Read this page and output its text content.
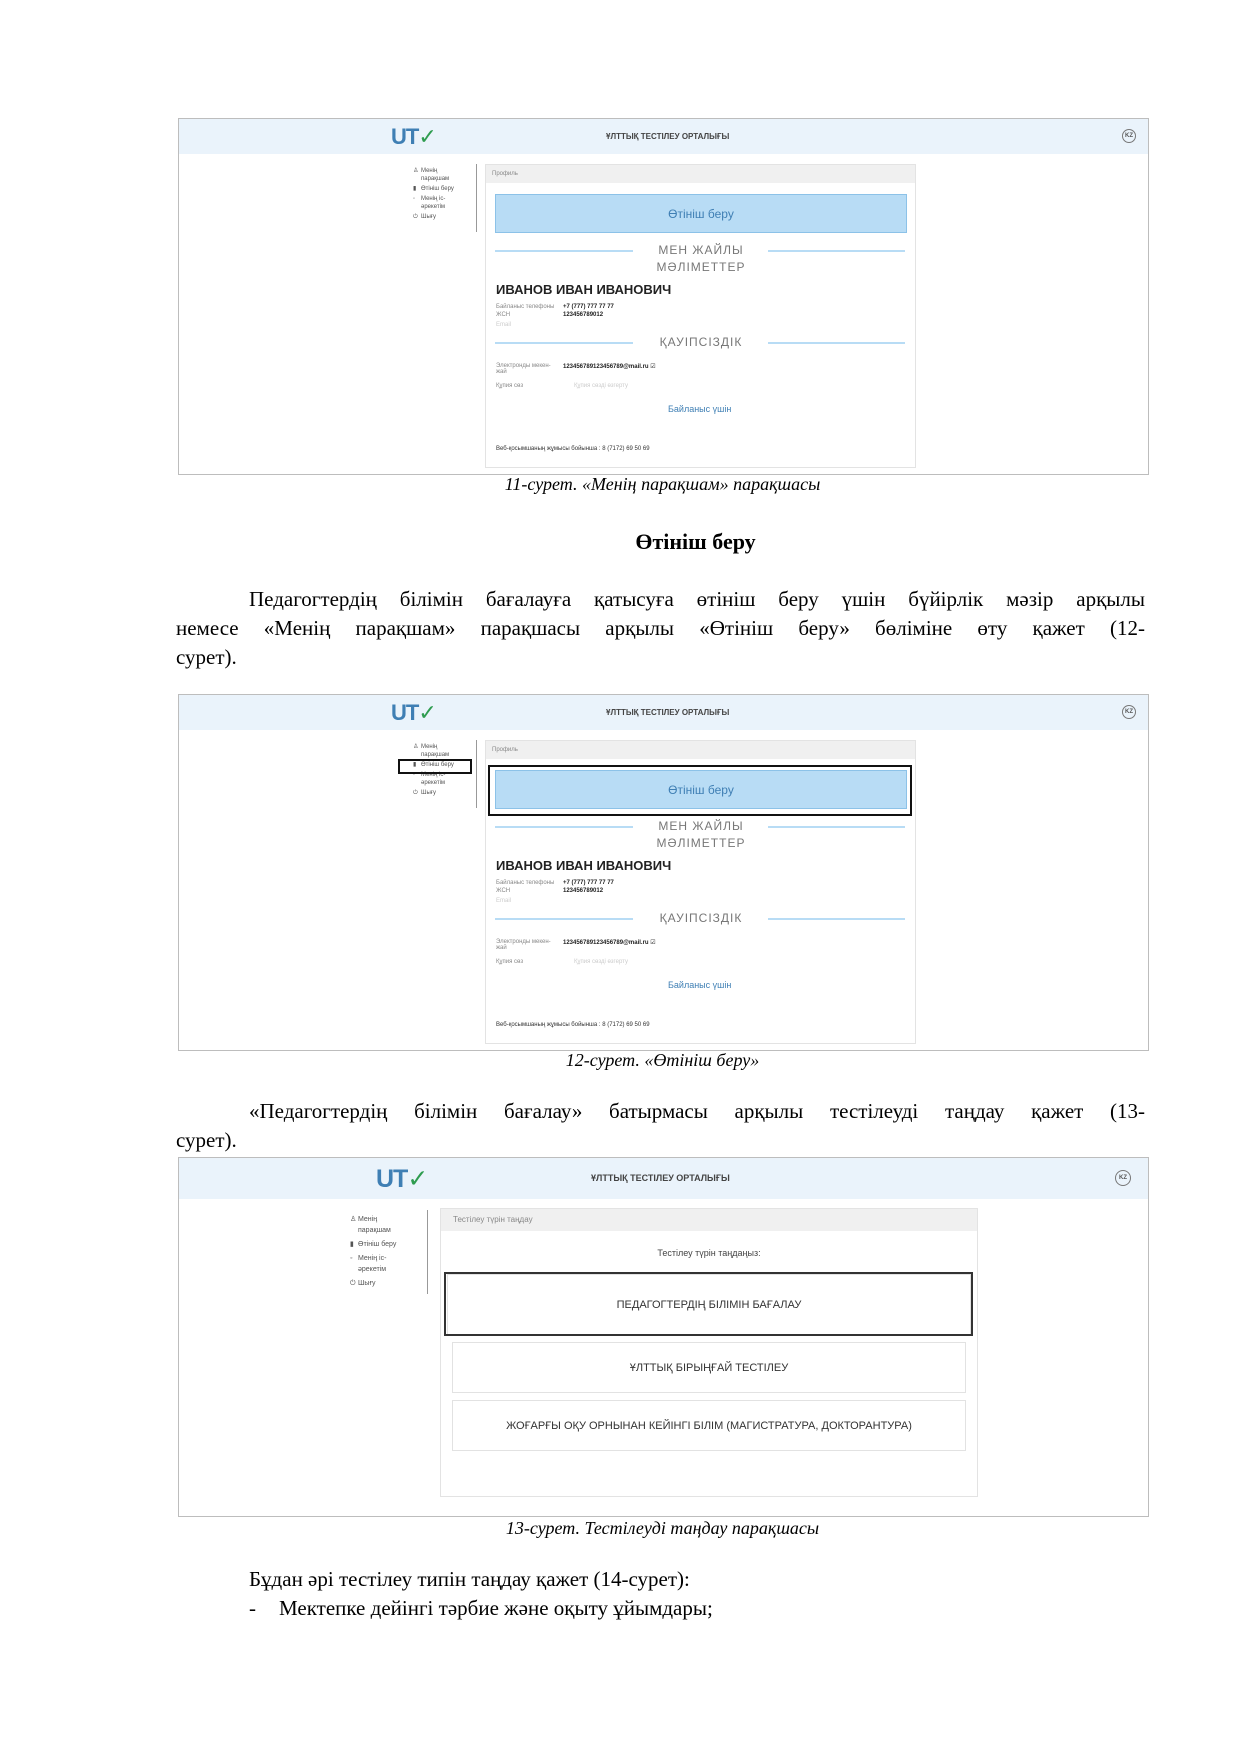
UT✓	ҰЛТТЫҚ ТЕСТІЛЕУ ОРТАЛЫҒЫ	KZ
♙ Менің
парақшам
▮ Өтініш беру
◦ Менің іс-
әрекетім
⏻ Шығу
Профиль
Өтініш беру
МЕН ЖАЙЛЫ
МӘЛІМЕТТЕР
ИВАНОВ ИВАН ИВАНОВИЧ
Байланыс телефоны +7 (777) 777 77 77
ЖСН	123456789012
Email
ҚАУІПСІЗДІК
Электронды мекен-
жай
123456789123456789@mail.ru ☑
Құпия сөз	Құпия сөзді өзгерту
Байланыс үшін
Веб-қосымшаның жұмысы бойынша : 8 (7172) 69 50 69
11-сурет. «Менің парақшам» парақшасы
Өтініш беру
Педагогтердің білімін бағалауға қатысуға өтініш беру үшін бүйірлік мәзір арқылы
немесе «Менің парақшам» парақшасы арқылы «Өтініш беру» бөліміне өту қажет (12-
сурет).
UT✓	ҰЛТТЫҚ ТЕСТІЛЕУ ОРТАЛЫҒЫ	KZ
♙ Менің
парақшам
▮ Өтініш беру
◦ Менің іс-
әрекетім
⏻ Шығу
Профиль
Өтініш беру
МЕН ЖАЙЛЫ
МӘЛІМЕТТЕР
ИВАНОВ ИВАН ИВАНОВИЧ
Байланыс телефоны +7 (777) 777 77 77
ЖСН	123456789012
Email
ҚАУІПСІЗДІК
Электронды мекен-
жай
123456789123456789@mail.ru ☑
Құпия сөз	Құпия сөзді өзгерту
Байланыс үшін
Веб-қосымшаның жұмысы бойынша : 8 (7172) 69 50 69
12-сурет. «Өтініш беру»
«Педагогтердің білімін бағалау» батырмасы арқылы тестілеуді таңдау қажет (13-
сурет).
UT✓	ҰЛТТЫҚ ТЕСТІЛЕУ ОРТАЛЫҒЫ	KZ
♙ Менің
парақшам
▮ Өтініш беру
◦ Менің іс-
әрекетім
⏻ Шығу
Тестілеу түрін таңдау
Тестілеу түрін таңдаңыз:
ПЕДАГОГТЕРДІҢ БІЛІМІН БАҒАЛАУ
ҰЛТТЫҚ БІРЫҢҒАЙ ТЕСТІЛЕУ
ЖОҒАРҒЫ ОҚУ ОРНЫНАН КЕЙІНГІ БІЛІМ (МАГИСТРАТУРА, ДОКТОРАНТУРА)
13-сурет. Тестілеуді таңдау парақшасы
Бұдан әрі тестілеу типін таңдау қажет (14-сурет):
- Мектепке дейінгі тәрбие және оқыту ұйымдары;
